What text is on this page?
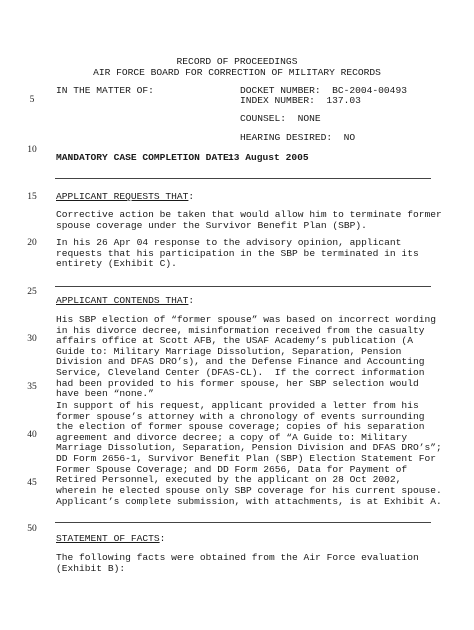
RECORD OF PROCEEDINGS
AIR FORCE BOARD FOR CORRECTION OF MILITARY RECORDS
IN THE MATTER OF:	DOCKET NUMBER:  BC-2004-00493
INDEX NUMBER:  137.03
COUNSEL:  NONE
HEARING DESIRED:  NO
MANDATORY CASE COMPLETION DATE:
13 August 2005
5
10
15
20
25
30
35
40
45
50
APPLICANT REQUESTS THAT:
Corrective action be taken that would allow him to terminate former
spouse coverage under the Survivor Benefit Plan (SBP).
In his 26 Apr 04 response to the advisory opinion, applicant
requests that his participation in the SBP be terminated in its
entirety (Exhibit C).
APPLICANT CONTENDS THAT:
His SBP election of “former spouse” was based on incorrect wording
in his divorce decree, misinformation received from the casualty
affairs office at Scott AFB, the USAF Academy’s publication (A
Guide to: Military Marriage Dissolution, Separation, Pension
Division and DFAS DRO’s), and the Defense Finance and Accounting
Service, Cleveland Center (DFAS-CL).  If the correct information
had been provided to his former spouse, her SBP selection would
have been “none.”
In support of his request, applicant provided a letter from his
former spouse’s attorney with a chronology of events surrounding
the election of former spouse coverage; copies of his separation
agreement and divorce decree; a copy of “A Guide to: Military
Marriage Dissolution, Separation, Pension Division and DFAS DRO’s”;
DD Form 2656-1, Survivor Benefit Plan (SBP) Election Statement For
Former Spouse Coverage; and DD Form 2656, Data for Payment of
Retired Personnel, executed by the applicant on 28 Oct 2002,
wherein he elected spouse only SBP coverage for his current spouse.
Applicant’s complete submission, with attachments, is at Exhibit A.
STATEMENT OF FACTS:
The following facts were obtained from the Air Force evaluation
(Exhibit B):
